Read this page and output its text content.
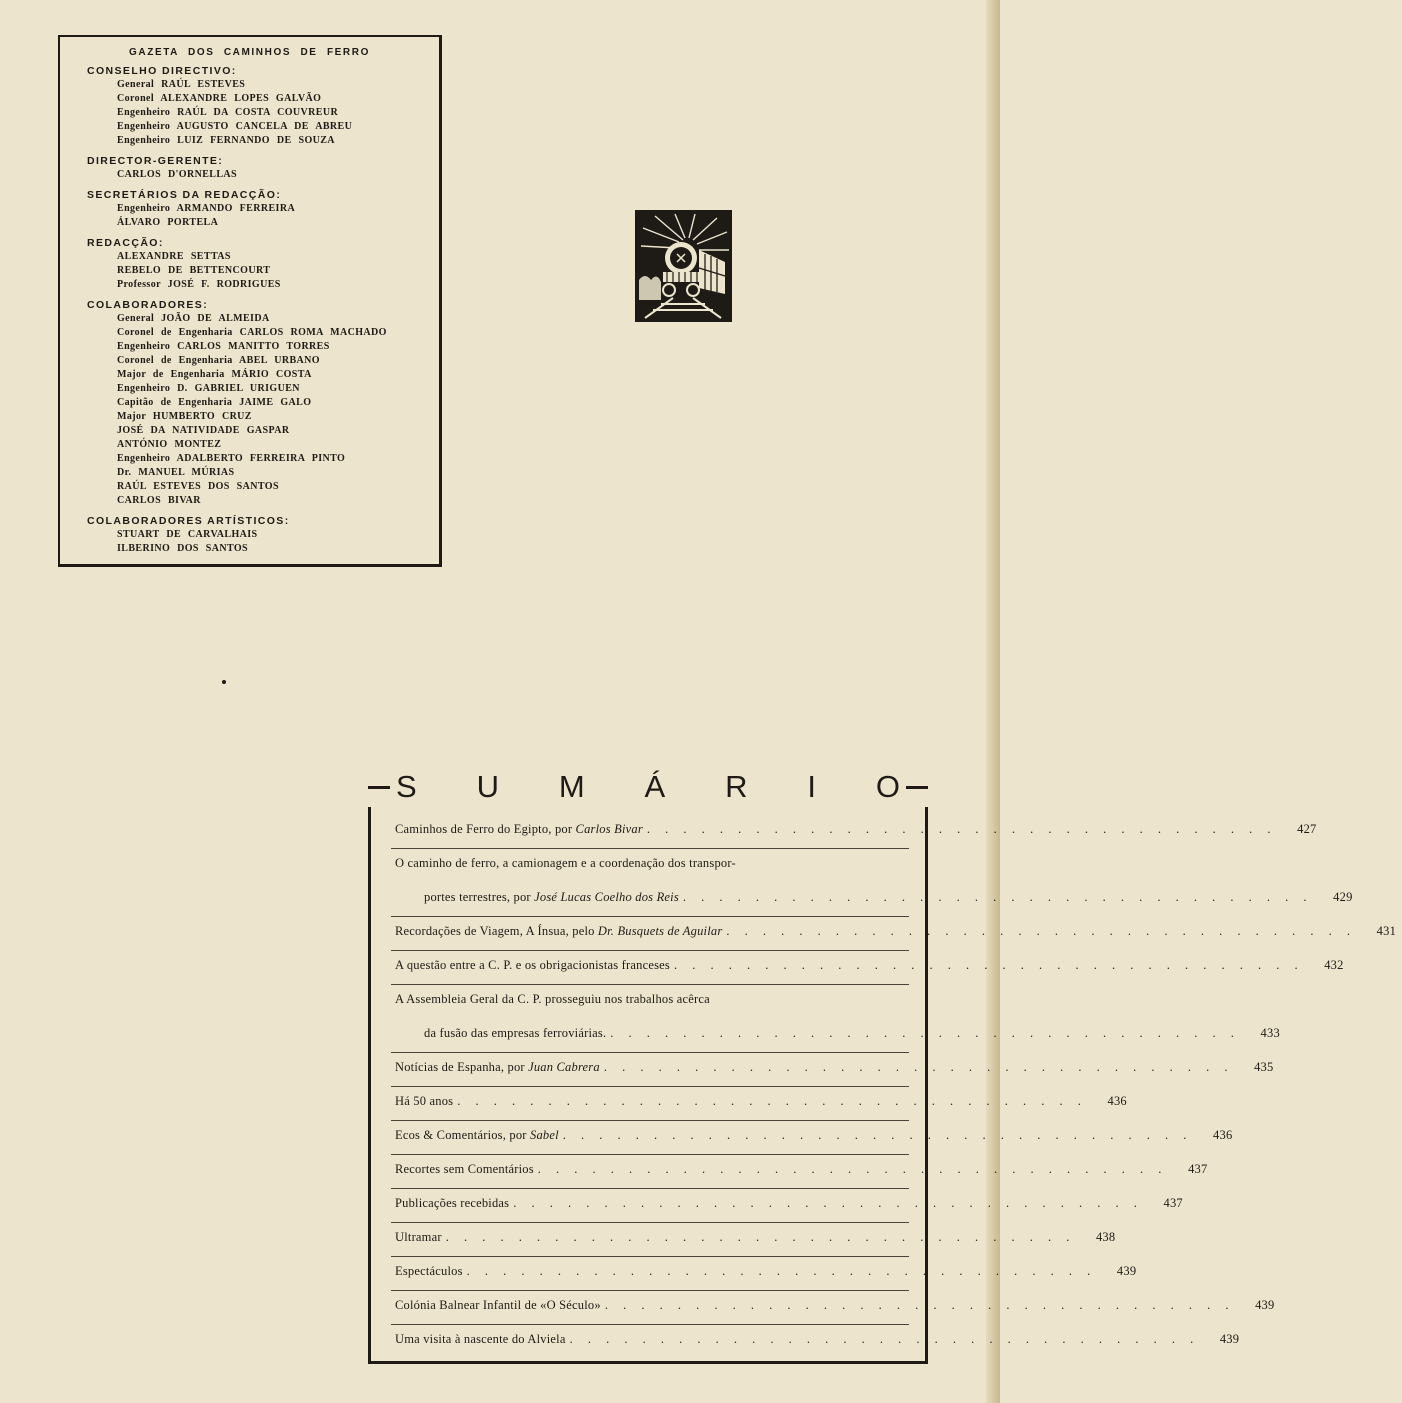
GAZETA DOS CAMINHOS DE FERRO
CONSELHO DIRECTIVO:
General RAÚL ESTEVES
Coronel ALEXANDRE LOPES GALVÃO
Engenheiro RAÚL DA COSTA COUVREUR
Engenheiro AUGUSTO CANCELA DE ABREU
Engenheiro LUIZ FERNANDO DE SOUZA
DIRECTOR-GERENTE:
CARLOS D'ORNELLAS
SECRETÁRIOS DA REDACÇÃO:
Engenheiro ARMANDO FERREIRA
ÁLVARO PORTELA
REDACÇÃO:
ALEXANDRE SETTAS
REBELO DE BETTENCOURT
Professor JOSÉ F. RODRIGUES
COLABORADORES:
General JOÃO DE ALMEIDA
Coronel de Engenharia CARLOS ROMA MACHADO
Engenheiro CARLOS MANITTO TORRES
Coronel de Engenharia ABEL URBANO
Major de Engenharia MÁRIO COSTA
Engenheiro D. GABRIEL URIGUEN
Capitão de Engenharia JAIME GALO
Major HUMBERTO CRUZ
JOSÉ DA NATIVIDADE GASPAR
ANTÓNIO MONTEZ
Engenheiro ADALBERTO FERREIRA PINTO
Dr. MANUEL MÚRIAS
RAÚL ESTEVES DOS SANTOS
CARLOS BIVAR
COLABORADORES ARTÍSTICOS:
STUART DE CARVALHAIS
ILBERINO DOS SANTOS
S U M Á R I O
Caminhos de Ferro do Egipto, por Carlos Bivar . . . . . . . . . . . . . . . . . . . . . . . . . . . . . . . . . . .	427
O caminho de ferro, a camionagem e a coordenação dos transpor-
portes terrestres, por José Lucas Coelho dos Reis . . . . . . . . . . . . . . . . . . . . . . . . . . . . . . . . . . .	429
Recordações de Viagem, A Ínsua, pelo Dr. Busquets de Aguilar . . . . . . . . . . . . . . . . . . . . . . . . . . . . . . . . . . .	431
A questão entre a C. P. e os obrigacionistas franceses . . . . . . . . . . . . . . . . . . . . . . . . . . . . . . . . . . .	432
A Assembleia Geral da C. P. prosseguiu nos trabalhos acêrca
da fusão das empresas ferroviárias. . . . . . . . . . . . . . . . . . . . . . . . . . . . . . . . . . . .	433
Notícias de Espanha, por Juan Cabrera . . . . . . . . . . . . . . . . . . . . . . . . . . . . . . . . . . .	435
Há 50 anos . . . . . . . . . . . . . . . . . . . . . . . . . . . . . . . . . . .	436
Ecos & Comentários, por Sabel . . . . . . . . . . . . . . . . . . . . . . . . . . . . . . . . . . .	436
Recortes sem Comentários . . . . . . . . . . . . . . . . . . . . . . . . . . . . . . . . . . .	437
Publicações recebidas . . . . . . . . . . . . . . . . . . . . . . . . . . . . . . . . . . .	437
Ultramar . . . . . . . . . . . . . . . . . . . . . . . . . . . . . . . . . . .	438
Espectáculos . . . . . . . . . . . . . . . . . . . . . . . . . . . . . . . . . . .	439
Colónia Balnear Infantil de «O Século» . . . . . . . . . . . . . . . . . . . . . . . . . . . . . . . . . . .	439
Uma visita à nascente do Alviela . . . . . . . . . . . . . . . . . . . . . . . . . . . . . . . . . . .	439
